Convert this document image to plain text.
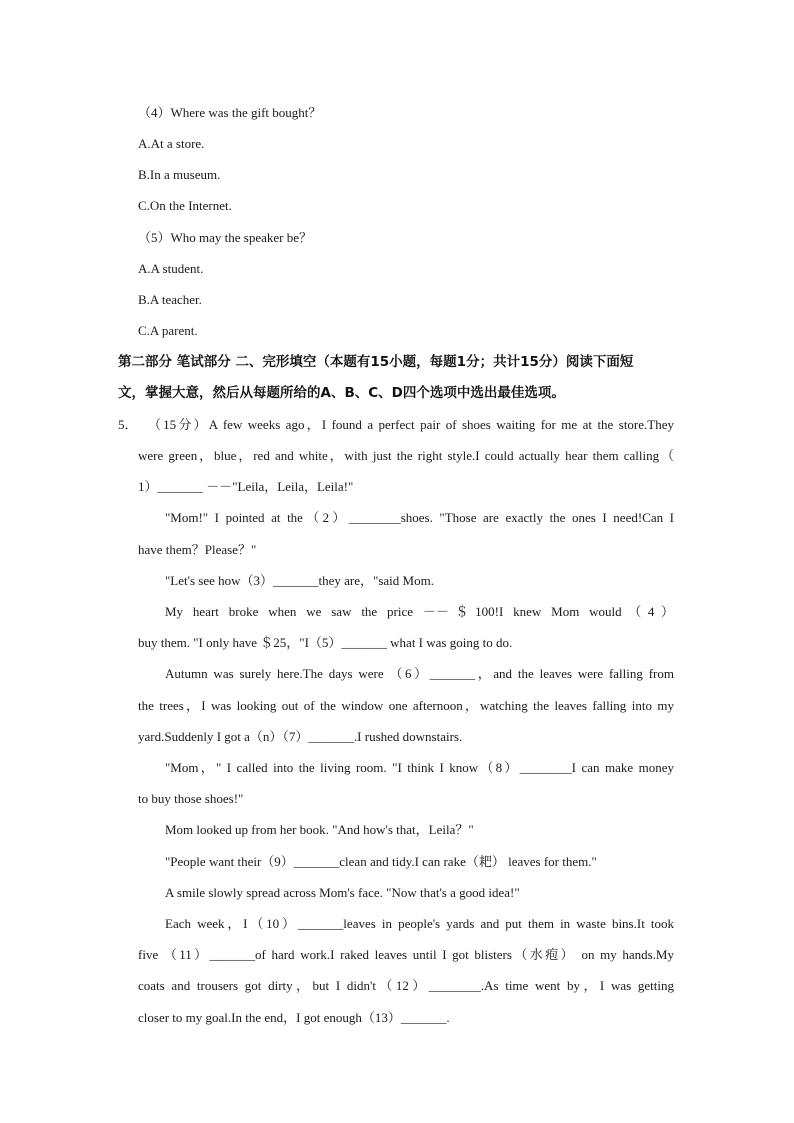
（4）Where was the gift bought？

A.At a store.

B.In a museum.

C.On the Internet.

（5）Who may the speaker be？

A.A student.

B.A teacher.

C.A parent.

第二部分 笔试部分 二、完形填空（本题有15小题，每题1分；共计15分）阅读下面短

文，掌握大意，然后从每题所给的A、B、C、D四个选项中选出最佳选项。

5． （15分）A few weeks ago，I found a perfect pair of shoes waiting for me at the store.They

were green，blue，red and white，with just the right style.I could actually hear them calling（

1）_______ －－"Leila，Leila，Leila!"

"Mom!" I pointed at the（2）________shoes. "Those are exactly the ones I need!Can I

have them？Please？"

"Let's see how（3）_______they are，"said Mom.

My heart broke when we saw the price －－＄100!I knew Mom would（4）

buy them. "I only have ＄25，"I（5）_______ what I was going to do.

Autumn was surely here.The days were （6）_______，and the leaves were falling from

the trees，I was looking out of the window one afternoon，watching the leaves falling into my

yard.Suddenly I got a（n）（7）_______.I rushed downstairs.

"Mom，" I called into the living room. "I think I know（8）________I can make money

to buy those shoes!"

Mom looked up from her book. "And how's that，Leila？"

"People want their（9）_______clean and tidy.I can rake（耙） leaves for them."

A smile slowly spread across Mom's face. "Now that's a good idea!"

Each week，I（10）_______leaves in people's yards and put them in waste bins.It took

five （11）_______of hard work.I raked leaves until I got blisters（水疱） on my hands.My

coats and trousers got dirty，but I didn't（12）________.As time went by，I was getting

closer to my goal.In the end，I got enough（13）_______.
